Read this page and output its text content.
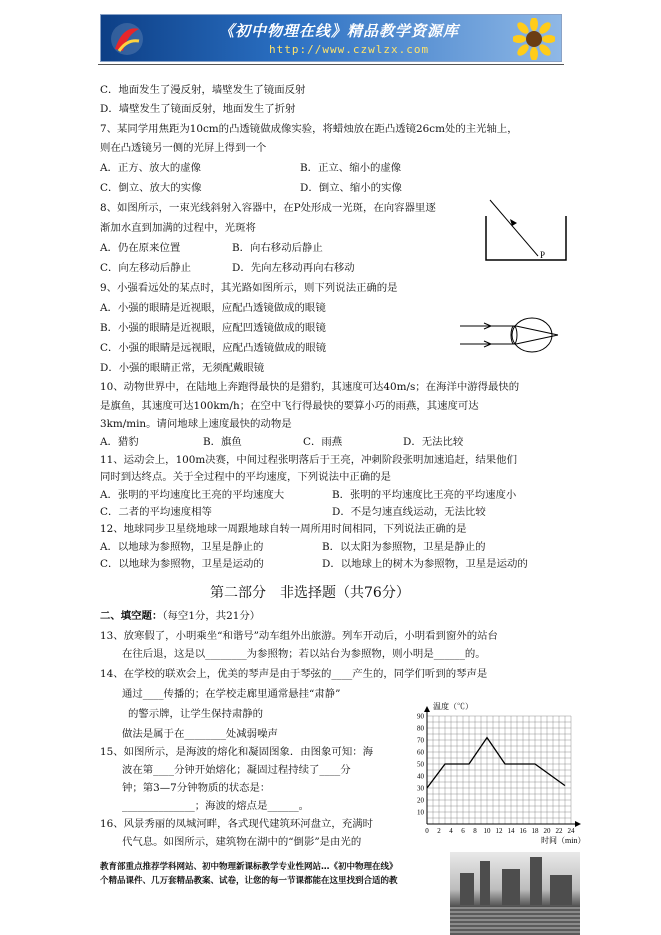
《初中物理在线》精品教学资源库
http://www.czwlzx.com
C．地面发生了漫反射，墙壁发生了镜面反射
D．墙壁发生了镜面反射，地面发生了折射
7、某同学用焦距为10cm的凸透镜做成像实验，将蜡烛放在距凸透镜26cm处的主光轴上，
则在凸透镜另一侧的光屏上得到一个
A．正方、放大的虚像	B．正立、缩小的虚像
C．倒立、放大的实像	D．倒立、缩小的实像
8、如图所示，一束光线斜射入容器中，在P处形成一光斑，在向容器里逐
渐加水直到加满的过程中，光斑将
A．仍在原来位置	B．向右移动后静止
C．向左移动后静止	D．先向左移动再向右移动
9、小强看远处的某点时，其光路如图所示，则下列说法正确的是
A．小强的眼睛是近视眼，应配凸透镜做成的眼镜
B．小强的眼睛是近视眼，应配凹透镜做成的眼镜
C．小强的眼睛是远视眼，应配凸透镜做成的眼镜
D．小强的眼睛正常，无须配戴眼镜
10、动物世界中，在陆地上奔跑得最快的是猎豹，其速度可达40m/s；在海洋中游得最快的
是旗鱼，其速度可达100km/h；在空中飞行得最快的要算小巧的雨燕，其速度可达
3km/min。请问地球上速度最快的动物是
A．猎豹	B．旗鱼	C．雨燕	D．无法比较
11、运动会上，100m决赛，中间过程张明落后于王亮，冲刺阶段张明加速追赶，结果他们
同时到达终点。关于全过程中的平均速度，下列说法中正确的是
A．张明的平均速度比王亮的平均速度大	B．张明的平均速度比王亮的平均速度小
C．二者的平均速度相等	D．不是匀速直线运动，无法比较
12、地球同步卫星绕地球一周跟地球自转一周所用时间相同，下列说法正确的是
A．以地球为参照物，卫星是静止的	B．以太阳为参照物，卫星是静止的
C．以地球为参照物，卫星是运动的	D．以地球上的树木为参照物，卫星是运动的
第二部分　非选择题（共76分）
二、填空题：（每空1分，共21分）
13、放寒假了，小明乘坐“和谐号”动车组外出旅游。列车开动后，小明看到窗外的站台
在往后退，这是以________为参照物；若以站台为参照物，则小明是______的。
14、在学校的联欢会上，优美的琴声是由于琴弦的____产生的，同学们听到的琴声是
通过____传播的；在学校走廊里通常悬挂“肃静”
的警示牌，让学生保持肃静的
做法是属于在________处减弱噪声
15、如图所示，是海波的熔化和凝固图象．由图象可知：海
波在第____分钟开始熔化；凝固过程持续了____分
钟；第3—7分钟物质的状态是：
______________；海波的熔点是______。
16、风景秀丽的凤城河畔，各式现代建筑环河盘立，充满时
代气息。如图所示，建筑物在湖中的“倒影”是由光的
P
0 2 4 6 8 10 12 14 16 18 20 22 24
10
20
30
40
50
60
70
80
90
温度（℃）
时间（min）
教育部重点推荐学科网站、初中物理新课标教学专业性网站…《初中物理在线》
个精品课件、几万套精品教案、试卷，让您的每一节课都能在这里找到合适的教
